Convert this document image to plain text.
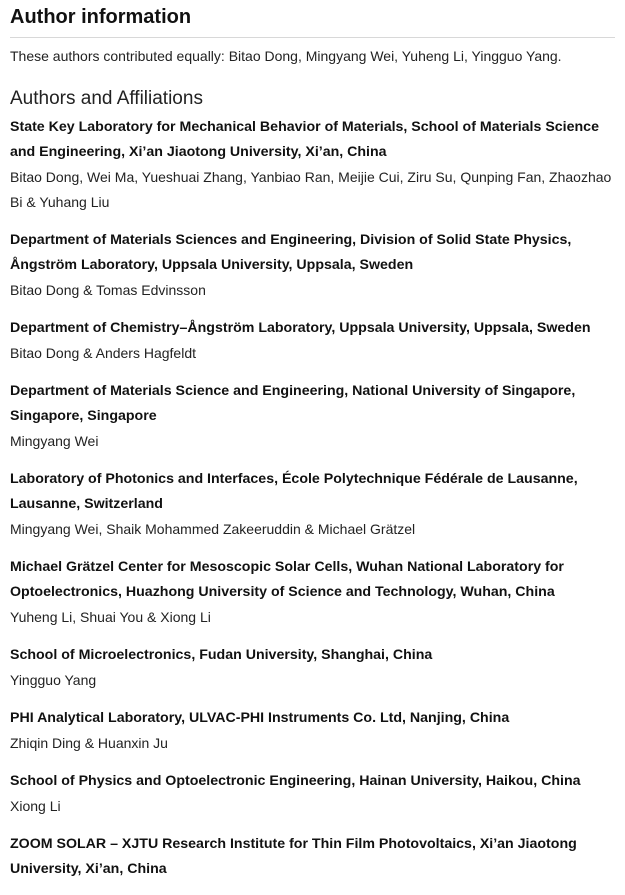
Author information
These authors contributed equally: Bitao Dong, Mingyang Wei, Yuheng Li, Yingguo Yang.
Authors and Affiliations
State Key Laboratory for Mechanical Behavior of Materials, School of Materials Science and Engineering, Xi’an Jiaotong University, Xi’an, China
Bitao Dong, Wei Ma, Yueshuai Zhang, Yanbiao Ran, Meijie Cui, Ziru Su, Qunping Fan, Zhaozhao Bi & Yuhang Liu
Department of Materials Sciences and Engineering, Division of Solid State Physics, Ångström Laboratory, Uppsala University, Uppsala, Sweden
Bitao Dong & Tomas Edvinsson
Department of Chemistry–Ångström Laboratory, Uppsala University, Uppsala, Sweden
Bitao Dong & Anders Hagfeldt
Department of Materials Science and Engineering, National University of Singapore, Singapore, Singapore
Mingyang Wei
Laboratory of Photonics and Interfaces, École Polytechnique Fédérale de Lausanne, Lausanne, Switzerland
Mingyang Wei, Shaik Mohammed Zakeeruddin & Michael Grätzel
Michael Grätzel Center for Mesoscopic Solar Cells, Wuhan National Laboratory for Optoelectronics, Huazhong University of Science and Technology, Wuhan, China
Yuheng Li, Shuai You & Xiong Li
School of Microelectronics, Fudan University, Shanghai, China
Yingguo Yang
PHI Analytical Laboratory, ULVAC-PHI Instruments Co. Ltd, Nanjing, China
Zhiqin Ding & Huanxin Ju
School of Physics and Optoelectronic Engineering, Hainan University, Haikou, China
Xiong Li
ZOOM SOLAR – XJTU Research Institute for Thin Film Photovoltaics, Xi’an Jiaotong University, Xi’an, China
